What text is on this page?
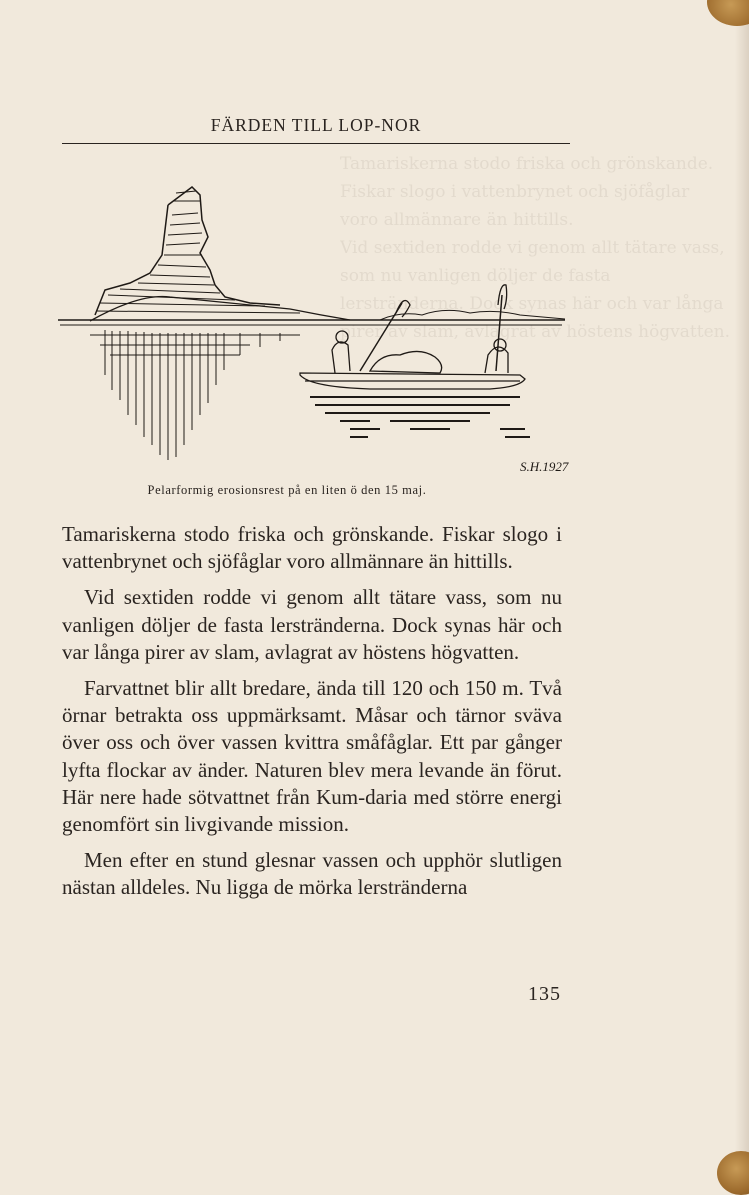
Tamariskerna stodo friska och grönskande. Fiskar slogo i vattenbrynet och sjöfåglar voro allmännare än hittills.
Vid sextiden rodde vi genom allt tätare vass, som nu vanligen döljer de fasta lerstränderna. Dock synas här och var långa pirer av slam, avlagrat av höstens högvatten.
FÄRDEN TILL LOP-NOR
S.H.1927
Pelarformig erosionsrest på en liten ö den 15 maj.

Tamariskerna stodo friska och grönskande. Fiskar slogo i vattenbrynet och sjöfåglar voro allmännare än hittills.

Vid sextiden rodde vi genom allt tätare vass, som nu vanligen döljer de fasta lerstränderna. Dock synas här och var långa pirer av slam, avlagrat av höstens högvatten.

Farvattnet blir allt bredare, ända till 120 och 150 m. Två örnar betrakta oss uppmärksamt. Måsar och tärnor sväva över oss och över vassen kvittra småfåglar. Ett par gånger lyfta flockar av änder. Naturen blev mera levande än förut. Här nere hade sötvattnet från Kum-daria med större energi genomfört sin livgivande mission.

Men efter en stund glesnar vassen och upphör slutligen nästan alldeles. Nu ligga de mörka lerstränderna

135
